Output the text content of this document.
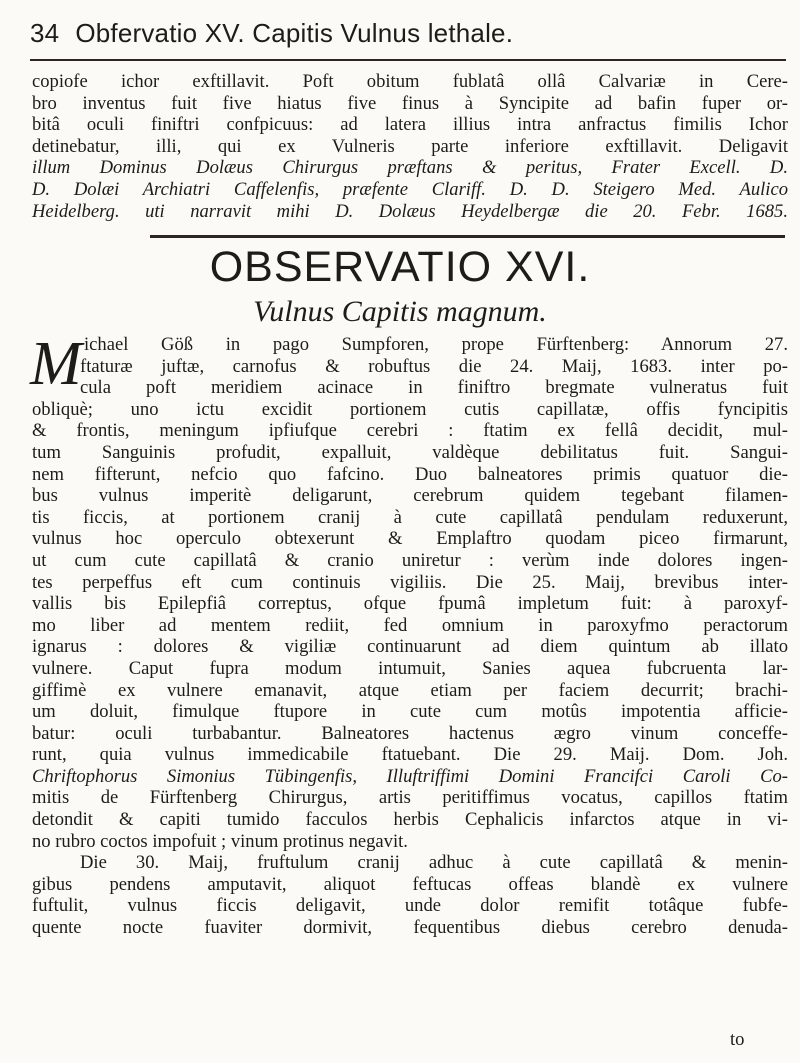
34 Obfervatio XV. Capitis Vulnus lethale.
copiofe ichor exftillavit. Poft obitum fublatâ ollâ Calvariæ in Cere-
bro inventus fuit five hiatus five finus à Syncipite ad bafin fuper or-
bitâ oculi finiftri confpicuus: ad latera illius intra anfractus fimilis Ichor
detinebatur, illi, qui ex Vulneris parte inferiore exftillavit. Deligavit
illum Dominus Dolæus Chirurgus præftans & peritus, Frater Excell. D.
D. Dolæi Archiatri Caffelenfis, præfente Clariff. D. D. Steigero Med. Aulico
Heidelberg. uti narravit mihi D. Dolæus Heydelbergæ die 20. Febr. 1685.
OBSERVATIO XVI.
Vulnus Capitis magnum.
M ichael Göß in pago Sumpforen, prope Fürftenberg: Annorum 27.
ftaturæ juftæ, carnofus & robuftus die 24. Maij, 1683. inter po-
cula poft meridiem acinace in finiftro bregmate vulneratus fuit
obliquè; uno ictu excidit portionem cutis capillatæ, offis fyncipitis
& frontis, meningum ipfiufque cerebri : ftatim ex fellâ decidit, mul-
tum Sanguinis profudit, expalluit, valdèque debilitatus fuit. Sangui-
nem fifterunt, nefcio quo fafcino. Duo balneatores primis quatuor die-
bus vulnus imperitè deligarunt, cerebrum quidem tegebant filamen-
tis ficcis, at portionem cranij à cute capillatâ pendulam reduxerunt,
vulnus hoc operculo obtexerunt & Emplaftro quodam piceo firmarunt,
ut cum cute capillatâ & cranio uniretur : verùm inde dolores ingen-
tes perpeffus eft cum continuis vigiliis. Die 25. Maij, brevibus inter-
vallis bis Epilepfiâ correptus, ofque fpumâ impletum fuit: à paroxyf-
mo liber ad mentem rediit, fed omnium in paroxyfmo peractorum
ignarus : dolores & vigiliæ continuarunt ad diem quintum ab illato
vulnere. Caput fupra modum intumuit, Sanies aquea fubcruenta lar-
giffimè ex vulnere emanavit, atque etiam per faciem decurrit; brachi-
um doluit, fimulque ftupore in cute cum motûs impotentia afficie-
batur: oculi turbabantur. Balneatores hactenus ægro vinum conceffe-
runt, quia vulnus immedicabile ftatuebant. Die 29. Maij. Dom. Joh.
Chriftophorus Simonius Tübingenfis, Illuftriffimi Domini Francifci Caroli Co-
mitis de Fürftenberg Chirurgus, artis peritiffimus vocatus, capillos ftatim
detondit & capiti tumido facculos herbis Cephalicis infarctos atque in vi-
no rubro coctos impofuit ; vinum protinus negavit.
Die 30. Maij, fruftulum cranij adhuc à cute capillatâ & menin-
gibus pendens amputavit, aliquot feftucas offeas blandè ex vulnere
fuftulit, vulnus ficcis deligavit, unde dolor remifit totâque fubfe-
quente nocte fuaviter dormivit, fequentibus diebus cerebro denuda-
to
